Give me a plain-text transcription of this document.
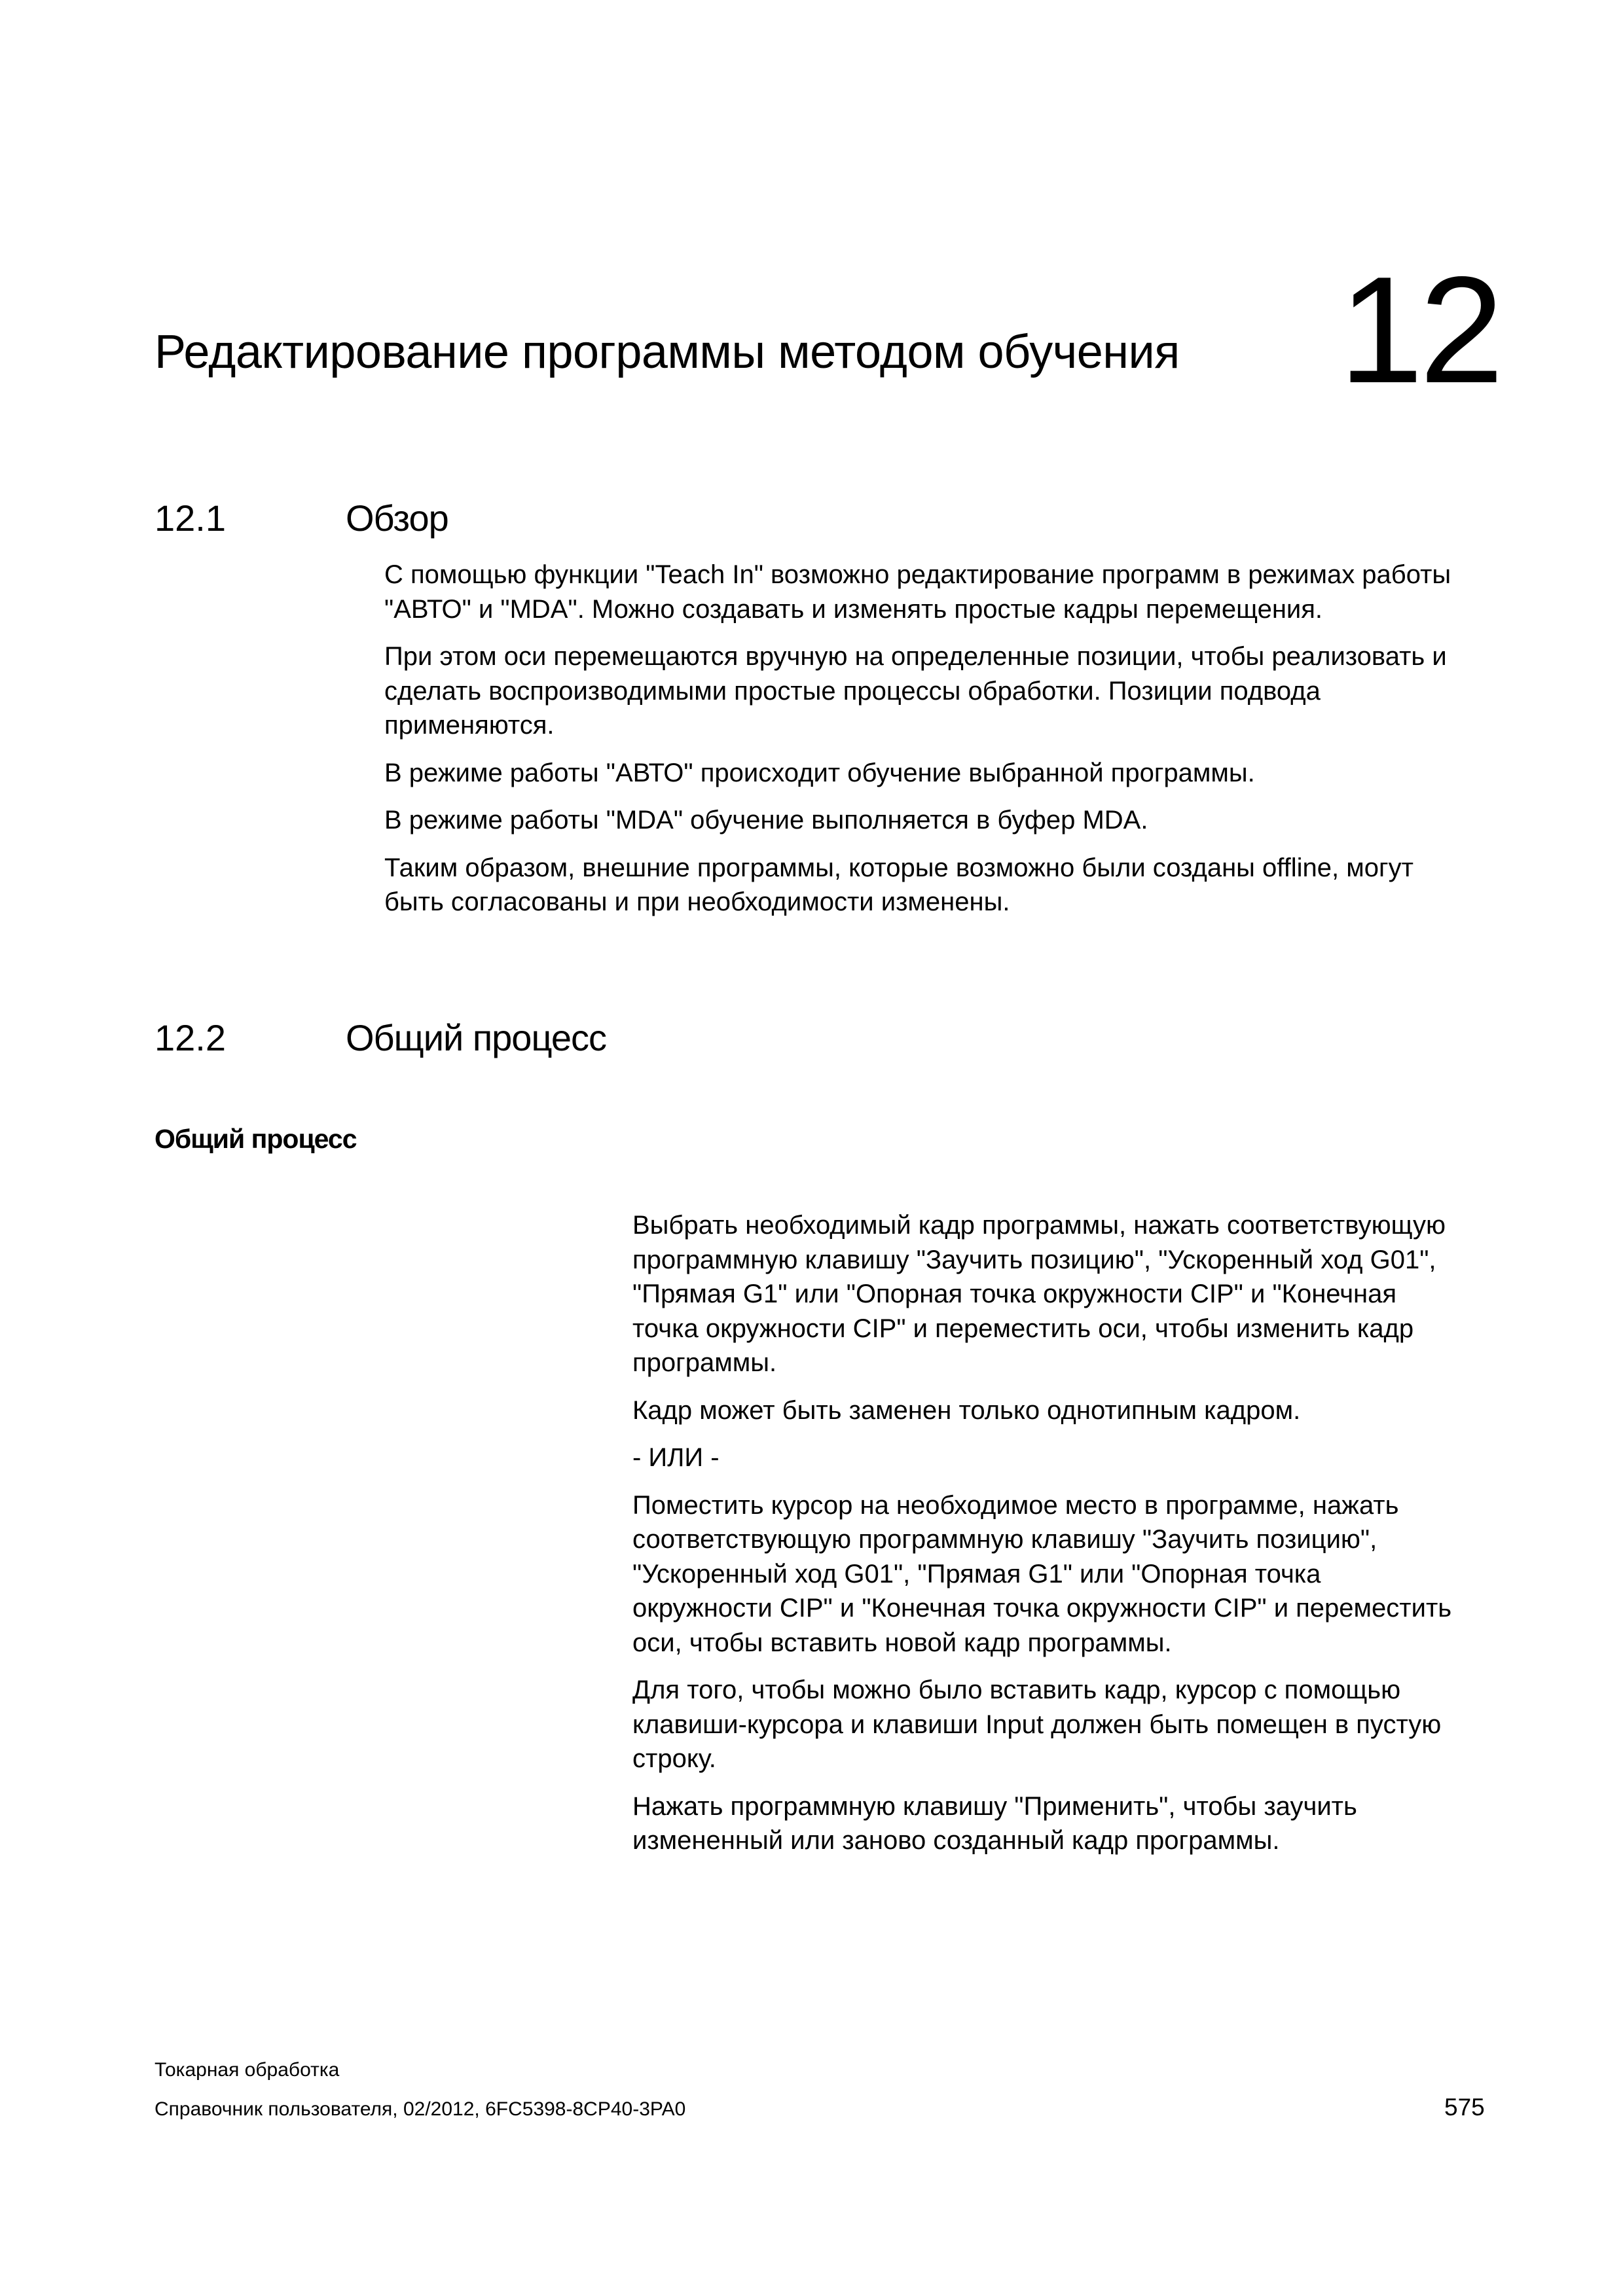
Редактирование программы методом обучения 12
12.1	Обзор

С помощью функции "Teach In" возможно редактирование программ в режимах работы
"АВТО" и "MDA". Можно создавать и изменять простые кадры перемещения.

При этом оси перемещаются вручную на определенные позиции, чтобы реализовать и
сделать воспроизводимыми простые процессы обработки. Позиции подвода
применяются.

В режиме работы "АВТО" происходит обучение выбранной программы.

В режиме работы "MDA" обучение выполняется в буфер MDA.

Таким образом, внешние программы, которые возможно были созданы offline, могут
быть согласованы и при необходимости изменены.

12.2	Общий процесс
Общий процесс

Выбрать необходимый кадр программы, нажать соответствующую
программную клавишу "Заучить позицию", "Ускоренный ход G01",
"Прямая G1" или "Опорная точка окружности CIP" и "Конечная
точка окружности CIP" и переместить оси, чтобы изменить кадр
программы.

Кадр может быть заменен только однотипным кадром.

- ИЛИ -

Поместить курсор на необходимое место в программе, нажать
соответствующую программную клавишу "Заучить позицию",
"Ускоренный ход G01", "Прямая G1" или "Опорная точка
окружности CIP" и "Конечная точка окружности CIP" и переместить
оси, чтобы вставить новой кадр программы.

Для того, чтобы можно было вставить кадр, курсор с помощью
клавиши-курсора и клавиши Input должен быть помещен в пустую
строку.

Нажать программную клавишу "Применить", чтобы заучить
измененный или заново созданный кадр программы.

Токарная обработка
Справочник пользователя, 02/2012, 6FC5398-8CP40-3PA0	575
